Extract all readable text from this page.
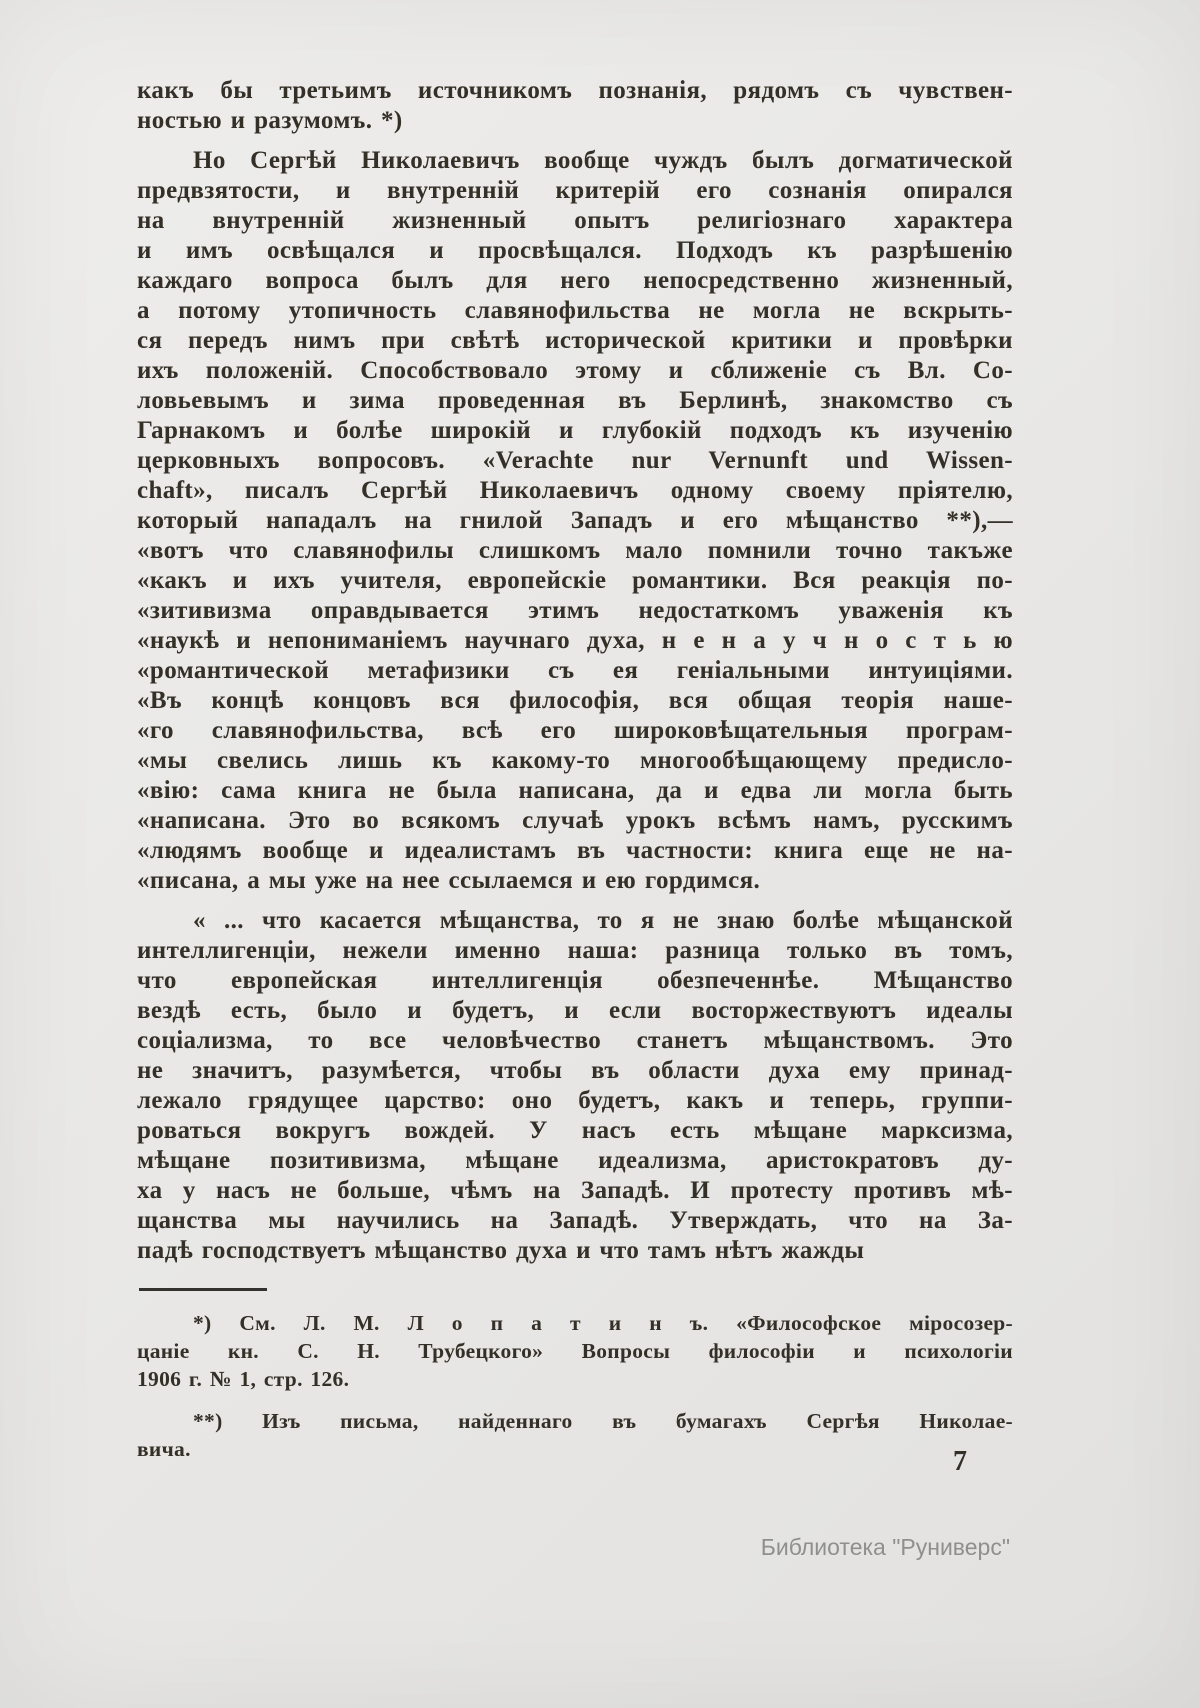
какъ бы третьимъ источникомъ познанія, рядомъ съ чувствен-
ностью и разумомъ. *)
Но Сергѣй Николаевичъ вообще чуждъ былъ догматической
предвзятости, и внутренній критерій его сознанія опирался
на внутренній жизненный опытъ религіознаго характера
и имъ освѣщался и просвѣщался. Подходъ къ разрѣшенію
каждаго вопроса былъ для него непосредственно жизненный,
а потому утопичность славянофильства не могла не вскрыть-
ся передъ нимъ при свѣтѣ исторической критики и провѣрки
ихъ положеній. Способствовало этому и сближеніе съ Вл. Со-
ловьевымъ и зима проведенная въ Берлинѣ, знакомство съ
Гарнакомъ и болѣе широкій и глубокій подходъ къ изученію
церковныхъ вопросовъ. «Verachte nur Vernunft und Wissen-
chaft», писалъ Сергѣй Николаевичъ одному своему пріятелю,
который нападалъ на гнилой Западъ и его мѣщанство **),—
«вотъ что славянофилы слишкомъ мало помнили точно такъже
«какъ и ихъ учителя, европейскіе романтики. Вся реакція по-
«зитивизма оправдывается этимъ недостаткомъ уваженія къ
«наукѣ и непониманіемъ научнаго духа, н е н а у ч н о с т ь ю
«романтической метафизики съ ея геніальными интуиціями.
«Въ концѣ концовъ вся философія, вся общая теорія наше-
«го славянофильства, всѣ его широковѣщательныя програм-
«мы свелись лишь къ какому-то многообѣщающему предисло-
«вію: сама книга не была написана, да и едва ли могла быть
«написана. Это во всякомъ случаѣ урокъ всѣмъ намъ, русскимъ
«людямъ вообще и идеалистамъ въ частности: книга еще не на-
«писана, а мы уже на нее ссылаемся и ею гордимся.
« ... что касается мѣщанства, то я не знаю болѣе мѣщанской
интеллигенціи, нежели именно наша: разница только въ томъ,
что европейская интеллигенція обезпеченнѣе. Мѣщанство
вездѣ есть, было и будетъ, и если восторжествуютъ идеалы
соціализма, то все человѣчество станетъ мѣщанствомъ. Это
не значитъ, разумѣется, чтобы въ области духа ему принад-
лежало грядущее царство: оно будетъ, какъ и теперь, группи-
роваться вокругъ вождей. У насъ есть мѣщане марксизма,
мѣщане позитивизма, мѣщане идеализма, аристократовъ ду-
ха у насъ не больше, чѣмъ на Западѣ. И протесту противъ мѣ-
щанства мы научились на Западѣ. Утверждать, что на За-
падѣ господствуетъ мѣщанство духа и что тамъ нѣтъ жажды
*) См. Л. М. Л о п а т и н ъ. «Философское міросозер-
цаніе кн. С. Н. Трубецкого» Вопросы философіи и психологіи
1906 г. № 1, стр. 126.
**) Изъ письма, найденнаго въ бумагахъ Сергѣя Николае-
вича.	7
Библиотека "Руниверс"
